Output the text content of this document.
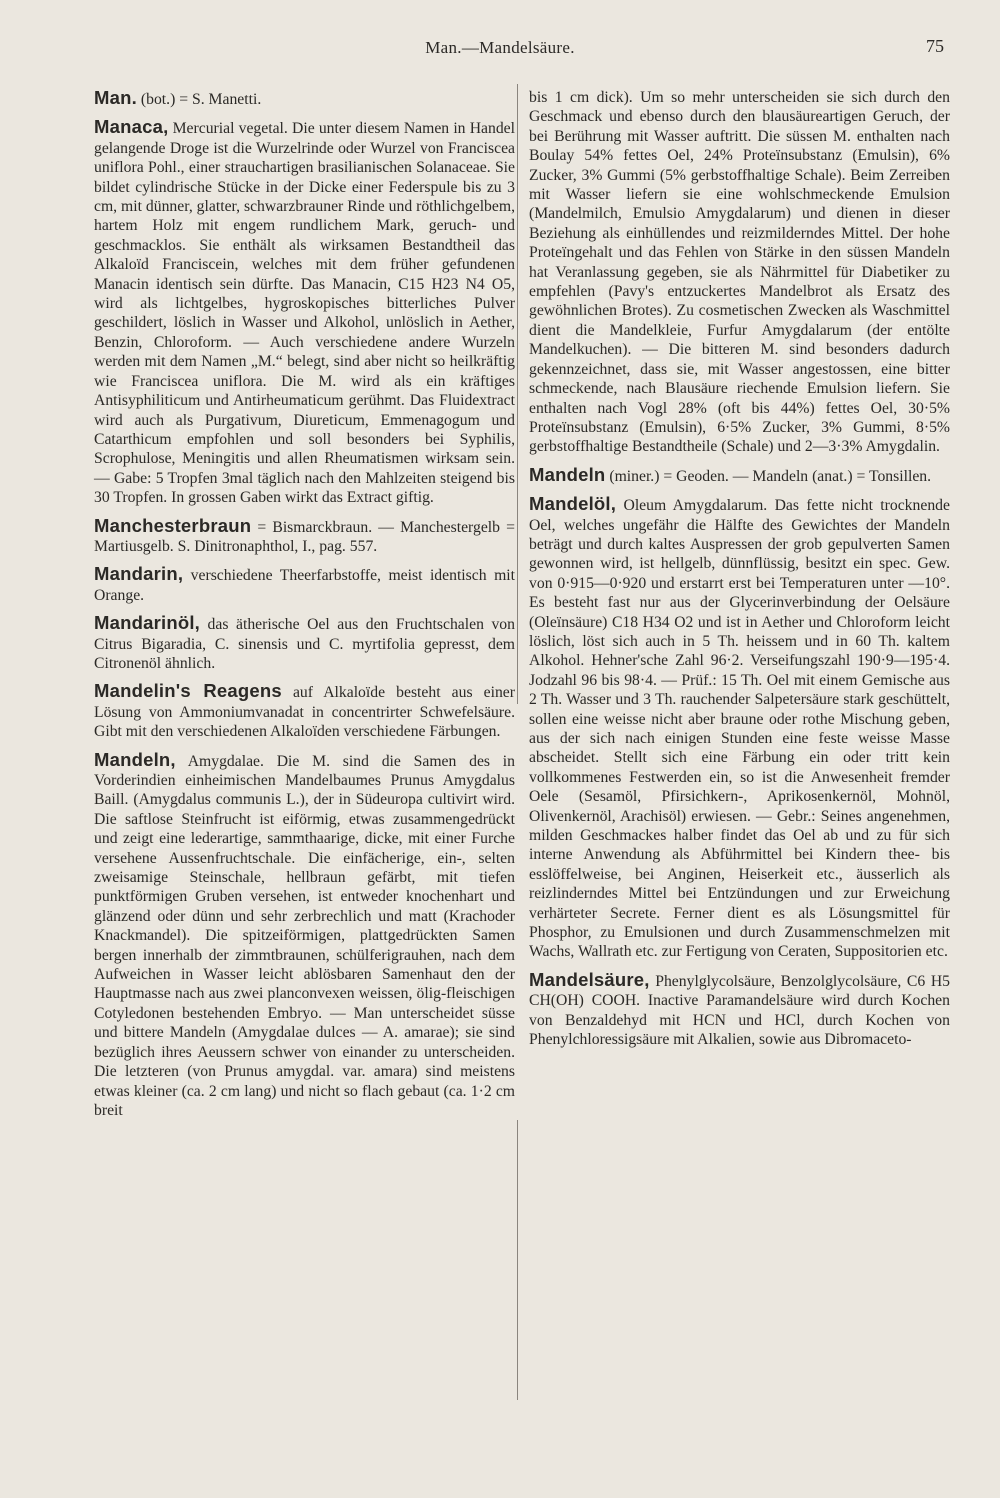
Man.—Mandelsäure.	75

Man. (bot.) = S. Manetti.

Manaca, Mercurial vegetal. Die unter diesem Namen in Handel gelangende Droge ist die Wurzelrinde oder Wurzel von Franciscea uniflora Pohl., einer strauchartigen brasilianischen Solanaceae. Sie bildet cylindrische Stücke in der Dicke einer Federspule bis zu 3 cm, mit dünner, glatter, schwarzbrauner Rinde und röthlichgelbem, hartem Holz mit engem rundlichem Mark, geruch- und geschmacklos. Sie enthält als wirksamen Bestandtheil das Alkaloïd Franciscein, welches mit dem früher gefundenen Manacin identisch sein dürfte. Das Manacin, C15 H23 N4 O5, wird als lichtgelbes, hygroskopisches bitterliches Pulver geschildert, löslich in Wasser und Alkohol, unlöslich in Aether, Benzin, Chloroform. — Auch verschiedene andere Wurzeln werden mit dem Namen „M.“ belegt, sind aber nicht so heilkräftig wie Franciscea uniflora. Die M. wird als ein kräftiges Antisyphiliticum und Antirheumaticum gerühmt. Das Fluidextract wird auch als Purgativum, Diureticum, Emmenagogum und Catarthicum empfohlen und soll besonders bei Syphilis, Scrophulose, Meningitis und allen Rheumatismen wirksam sein. — Gabe: 5 Tropfen 3mal täglich nach den Mahlzeiten steigend bis 30 Tropfen. In grossen Gaben wirkt das Extract giftig.

Manchesterbraun = Bismarckbraun. — Manchestergelb = Martiusgelb. S. Dinitronaphthol, I., pag. 557.

Mandarin, verschiedene Theerfarbstoffe, meist identisch mit Orange.

Mandarinöl, das ätherische Oel aus den Fruchtschalen von Citrus Bigaradia, C. sinensis und C. myrtifolia gepresst, dem Citronenöl ähnlich.

Mandelin's Reagens auf Alkaloïde besteht aus einer Lösung von Ammoniumvanadat in concentrirter Schwefelsäure. Gibt mit den verschiedenen Alkaloïden verschiedene Färbungen.

Mandeln, Amygdalae. Die M. sind die Samen des in Vorderindien einheimischen Mandelbaumes Prunus Amygdalus Baill. (Amygdalus communis L.), der in Südeuropa cultivirt wird. Die saftlose Steinfrucht ist eiförmig, etwas zusammengedrückt und zeigt eine lederartige, sammthaarige, dicke, mit einer Furche versehene Aussenfruchtschale. Die einfächerige, ein-, selten zweisamige Steinschale, hellbraun gefärbt, mit tiefen punktförmigen Gruben versehen, ist entweder knochenhart und glänzend oder dünn und sehr zerbrechlich und matt (Krachoder Knackmandel). Die spitzeiförmigen, plattgedrückten Samen bergen innerhalb der zimmtbraunen, schülferigrauhen, nach dem Aufweichen in Wasser leicht ablösbaren Samenhaut den der Hauptmasse nach aus zwei planconvexen weissen, ölig-fleischigen Cotyledonen bestehenden Embryo. — Man unterscheidet süsse und bittere Mandeln (Amygdalae dulces — A. amarae); sie sind bezüglich ihres Aeussern schwer von einander zu unterscheiden. Die letzteren (von Prunus amygdal. var. amara) sind meistens etwas kleiner (ca. 2 cm lang) und nicht so flach gebaut (ca. 1·2 cm breit

bis 1 cm dick). Um so mehr unterscheiden sie sich durch den Geschmack und ebenso durch den blausäureartigen Geruch, der bei Berührung mit Wasser auftritt. Die süssen M. enthalten nach Boulay 54% fettes Oel, 24% Proteïnsubstanz (Emulsin), 6% Zucker, 3% Gummi (5% gerbstoffhaltige Schale). Beim Zerreiben mit Wasser liefern sie eine wohlschmeckende Emulsion (Mandelmilch, Emulsio Amygdalarum) und dienen in dieser Beziehung als einhüllendes und reizmilderndes Mittel. Der hohe Proteïngehalt und das Fehlen von Stärke in den süssen Mandeln hat Veranlassung gegeben, sie als Nährmittel für Diabetiker zu empfehlen (Pavy's entzuckertes Mandelbrot als Ersatz des gewöhnlichen Brotes). Zu cosmetischen Zwecken als Waschmittel dient die Mandelkleie, Furfur Amygdalarum (der entölte Mandelkuchen). — Die bitteren M. sind besonders dadurch gekennzeichnet, dass sie, mit Wasser angestossen, eine bitter schmeckende, nach Blausäure riechende Emulsion liefern. Sie enthalten nach Vogl 28% (oft bis 44%) fettes Oel, 30·5% Proteïnsubstanz (Emulsin), 6·5% Zucker, 3% Gummi, 8·5% gerbstoffhaltige Bestandtheile (Schale) und 2—3·3% Amygdalin.

Mandeln (miner.) = Geoden. — Mandeln (anat.) = Tonsillen.

Mandelöl, Oleum Amygdalarum. Das fette nicht trocknende Oel, welches ungefähr die Hälfte des Gewichtes der Mandeln beträgt und durch kaltes Auspressen der grob gepulverten Samen gewonnen wird, ist hellgelb, dünnflüssig, besitzt ein spec. Gew. von 0·915—0·920 und erstarrt erst bei Temperaturen unter —10°. Es besteht fast nur aus der Glycerinverbindung der Oelsäure (Oleïnsäure) C18 H34 O2 und ist in Aether und Chloroform leicht löslich, löst sich auch in 5 Th. heissem und in 60 Th. kaltem Alkohol. Hehner'sche Zahl 96·2. Verseifungszahl 190·9—195·4. Jodzahl 96 bis 98·4. — Prüf.: 15 Th. Oel mit einem Gemische aus 2 Th. Wasser und 3 Th. rauchender Salpetersäure stark geschüttelt, sollen eine weisse nicht aber braune oder rothe Mischung geben, aus der sich nach einigen Stunden eine feste weisse Masse abscheidet. Stellt sich eine Färbung ein oder tritt kein vollkommenes Festwerden ein, so ist die Anwesenheit fremder Oele (Sesamöl, Pfirsichkern-, Aprikosenkernöl, Mohnöl, Olivenkernöl, Arachisöl) erwiesen. — Gebr.: Seines angenehmen, milden Geschmackes halber findet das Oel ab und zu für sich interne Anwendung als Abführmittel bei Kindern thee- bis esslöffelweise, bei Anginen, Heiserkeit etc., äusserlich als reizlinderndes Mittel bei Entzündungen und zur Erweichung verhärteter Secrete. Ferner dient es als Lösungsmittel für Phosphor, zu Emulsionen und durch Zusammenschmelzen mit Wachs, Wallrath etc. zur Fertigung von Ceraten, Suppositorien etc.

Mandelsäure, Phenylglycolsäure, Benzolglycolsäure, C6 H5 CH(OH) COOH. Inactive Paramandelsäure wird durch Kochen von Benzaldehyd mit HCN und HCl, durch Kochen von Phenylchloressigsäure mit Alkalien, sowie aus Dibromaceto-
